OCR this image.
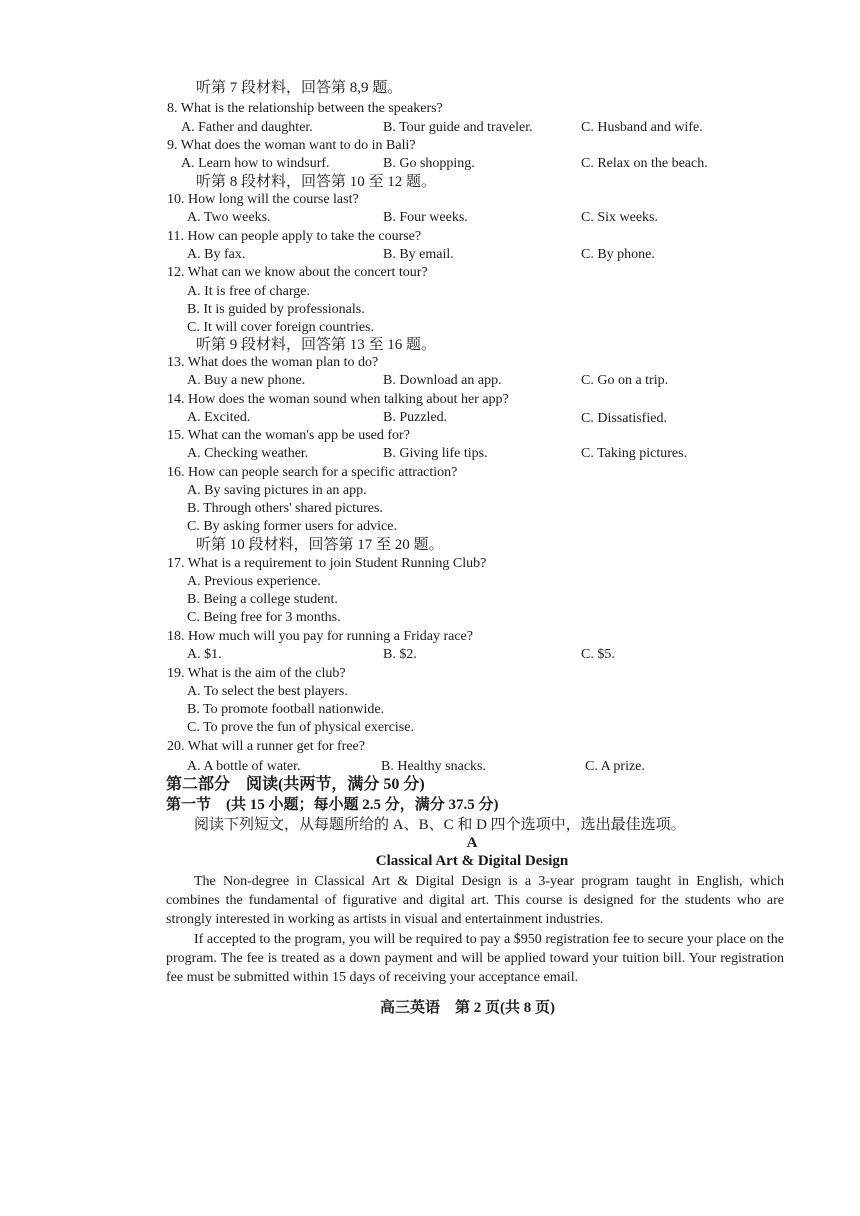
听第 7 段材料，回答第 8,9 题。
8. What is the relationship between the speakers?
A. Father and daughter.	B. Tour guide and traveler.	C. Husband and wife.
9. What does the woman want to do in Bali?
A. Learn how to windsurf.	B. Go shopping.	C. Relax on the beach.
听第 8 段材料，回答第 10 至 12 题。
10. How long will the course last?
A. Two weeks.	B. Four weeks.	C. Six weeks.
11. How can people apply to take the course?
A. By fax.	B. By email.	C. By phone.
12. What can we know about the concert tour?
A. It is free of charge.
B. It is guided by professionals.
C. It will cover foreign countries.
听第 9 段材料，回答第 13 至 16 题。
13. What does the woman plan to do?
A. Buy a new phone.	B. Download an app.	C. Go on a trip.
14. How does the woman sound when talking about her app?
A. Excited.	B. Puzzled.	C. Dissatisfied.
15. What can the woman's app be used for?
A. Checking weather.	B. Giving life tips.	C. Taking pictures.
16. How can people search for a specific attraction?
A. By saving pictures in an app.
B. Through others' shared pictures.
C. By asking former users for advice.
听第 10 段材料，回答第 17 至 20 题。
17. What is a requirement to join Student Running Club?
A. Previous experience.
B. Being a college student.
C. Being free for 3 months.
18. How much will you pay for running a Friday race?
A. $1.	B. $2.	C. $5.
19. What is the aim of the club?
A. To select the best players.
B. To promote football nationwide.
C. To prove the fun of physical exercise.
20. What will a runner get for free?
A. A bottle of water.	B. Healthy snacks.	C. A prize.
第二部分　阅读(共两节，满分 50 分)
第一节　(共 15 小题；每小题 2.5 分，满分 37.5 分)
阅读下列短文，从每题所给的 A、B、C 和 D 四个选项中，选出最佳选项。
A
Classical Art & Digital Design
The Non-degree in Classical Art & Digital Design is a 3-year program taught in English, which combines the fundamental of figurative and digital art. This course is designed for the students who are strongly interested in working as artists in visual and entertainment industries.
If accepted to the program, you will be required to pay a $950 registration fee to secure your place on the program. The fee is treated as a down payment and will be applied toward your tuition bill. Your registration fee must be submitted within 15 days of receiving your acceptance email.
高三英语　第 2 页(共 8 页)
